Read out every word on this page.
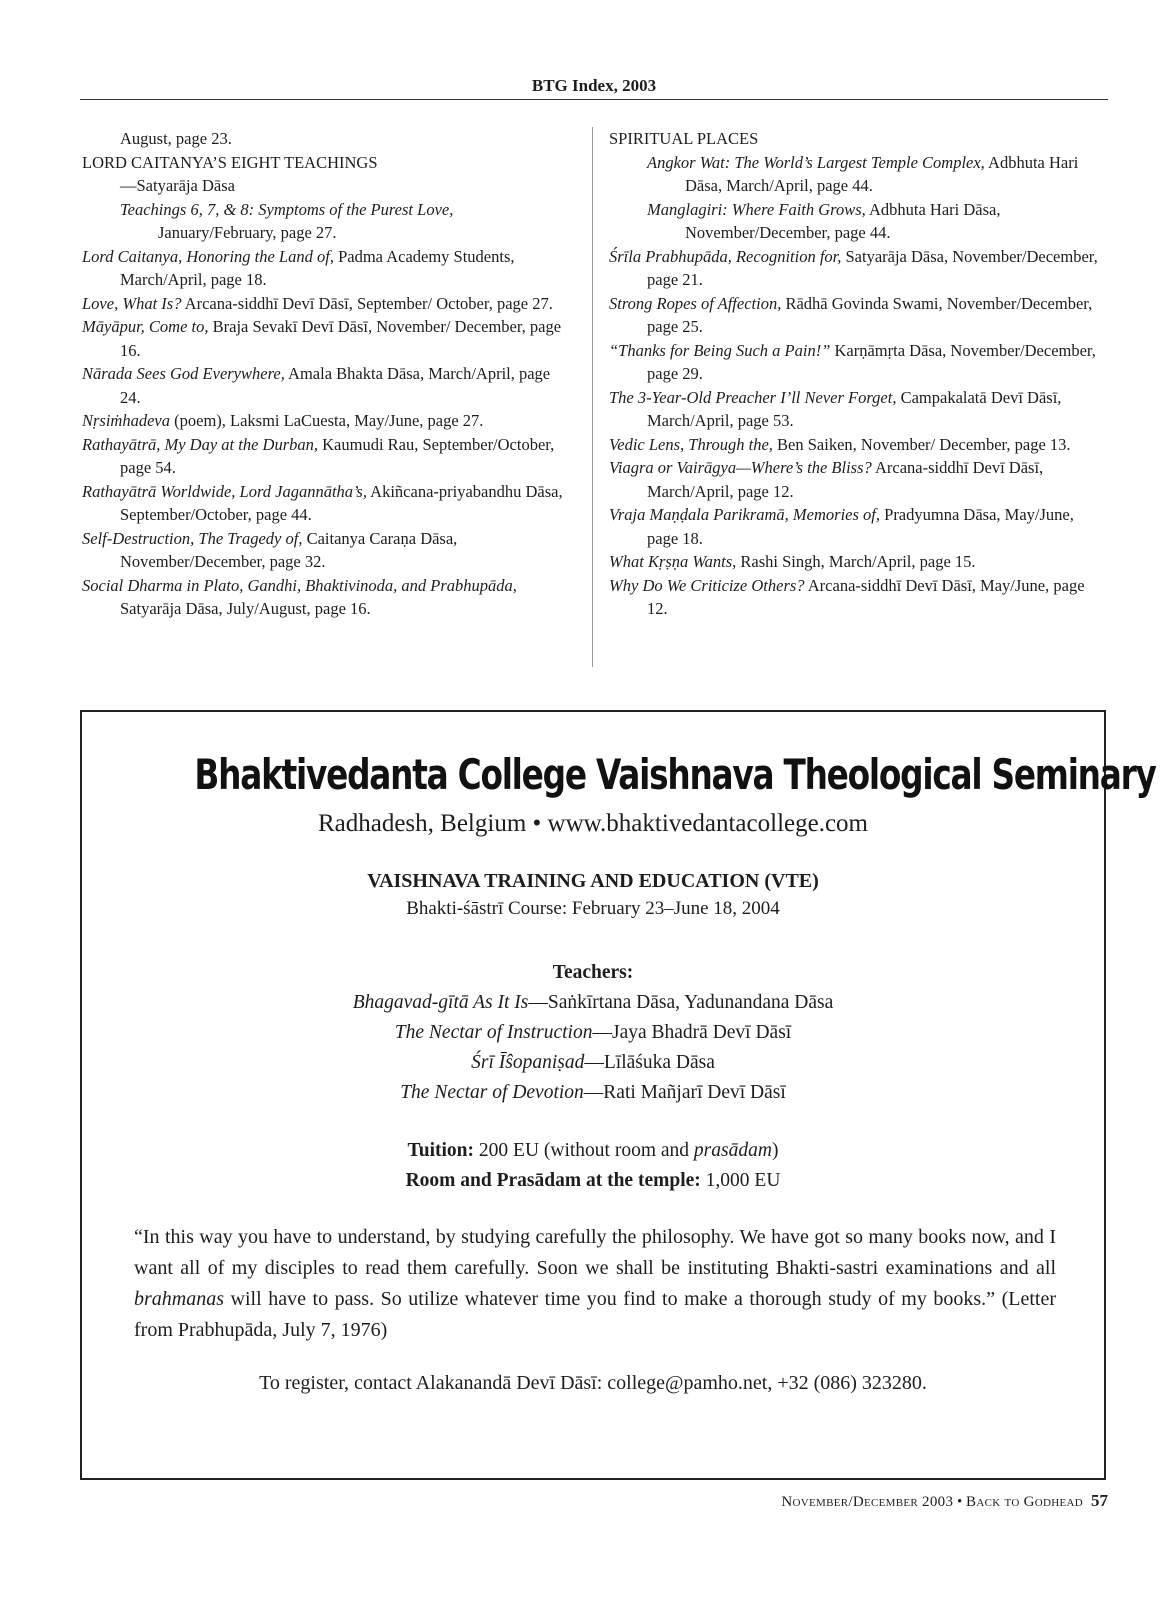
BTG Index, 2003
August, page 23.
LORD CAITANYA’S EIGHT TEACHINGS
—Satyarāja Dāsa
Teachings 6, 7, & 8: Symptoms of the Purest Love, January/February, page 27.
Lord Caitanya, Honoring the Land of, Padma Academy Students, March/April, page 18.
Love, What Is? Arcana-siddhī Devī Dāsī, September/ October, page 27.
Māyāpur, Come to, Braja Sevakī Devī Dāsī, November/ December, page 16.
Nārada Sees God Everywhere, Amala Bhakta Dāsa, March/April, page 24.
Nṛsiṁhadeva (poem), Laksmi LaCuesta, May/June, page 27.
Rathayātrā, My Day at the Durban, Kaumudi Rau, September/October, page 54.
Rathayātrā Worldwide, Lord Jagannātha’s, Akiñcana-priyabandhu Dāsa, September/October, page 44.
Self-Destruction, The Tragedy of, Caitanya Caraṇa Dāsa, November/December, page 32.
Social Dharma in Plato, Gandhi, Bhaktivinoda, and Prabhupāda, Satyarāja Dāsa, July/August, page 16.
SPIRITUAL PLACES
Angkor Wat: The World’s Largest Temple Complex, Adbhuta Hari Dāsa, March/April, page 44.
Manglagiri: Where Faith Grows, Adbhuta Hari Dāsa, November/December, page 44.
Śrīla Prabhupāda, Recognition for, Satyarāja Dāsa, November/December, page 21.
Strong Ropes of Affection, Rādhā Govinda Swami, November/December, page 25.
“Thanks for Being Such a Pain!” Karṇāmṛta Dāsa, November/December, page 29.
The 3-Year-Old Preacher I’ll Never Forget, Campakalatā Devī Dāsī, March/April, page 53.
Vedic Lens, Through the, Ben Saiken, November/ December, page 13.
Viagra or Vairāgya—Where’s the Bliss? Arcana-siddhī Devī Dāsī, March/April, page 12.
Vraja Maṇḍala Parikramā, Memories of, Pradyumna Dāsa, May/June, page 18.
What Kṛṣṇa Wants, Rashi Singh, March/April, page 15.
Why Do We Criticize Others? Arcana-siddhī Devī Dāsī, May/June, page 12.
Bhaktivedanta College Vaishnava Theological Seminary
Radhadesh, Belgium • www.bhaktivedantacollege.com
VAISHNAVA TRAINING AND EDUCATION (VTE)
Bhakti-śāstrī Course: February 23–June 18, 2004
Teachers:
Bhagavad-gītā As It Is—Saṅkīrtana Dāsa, Yadunandana Dāsa
The Nectar of Instruction—Jaya Bhadrā Devī Dāsī
Śrī Īŝopaniṣad—Līlāśuka Dāsa
The Nectar of Devotion—Rati Mañjarī Devī Dāsī
Tuition: 200 EU (without room and prasādam)
Room and Prasādam at the temple: 1,000 EU
“In this way you have to understand, by studying carefully the philosophy. We have got so many books now, and I want all of my disciples to read them carefully. Soon we shall be instituting Bhakti-sastri examinations and all brahmanas will have to pass. So utilize whatever time you find to make a thorough study of my books.” (Letter from Prabhupāda, July 7, 1976)
To register, contact Alakanandā Devī Dāsī: college@pamho.net, +32 (086) 323280.
November/December 2003 • Back to Godhead 57
